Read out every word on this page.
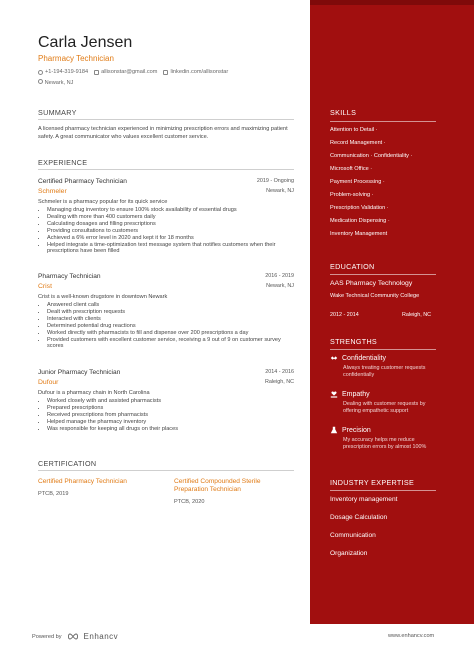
Carla Jensen
Pharmacy Technician
+1-194-319-9184 allisonstar@gmail.com linkedin.com/allisonstar
Newark, NJ
SUMMARY
A licensed pharmacy technician experienced in minimizing prescription errors and maximizing patient safety. A great communicator who values excellent customer service.
EXPERIENCE
Certified Pharmacy Technician	2019 - Ongoing
Schmeler	Newark, NJ
Schmeler is a pharmacy popular for its quick service
• Managing drug inventory to ensure 100% stock availability of essential drugs
• Dealing with more than 400 customers daily
• Calculating dosages and filling prescriptions
• Providing consultations to customers
• Achieved a 6% error level in 2020 and kept it for 18 months
• Helped integrate a time-optimization text message system that notifies customers when their prescriptions have been filled
Pharmacy Technician	2016 - 2019
Crist	Newark, NJ
Crist is a well-known drugstore in downtown Newark
• Answered client calls
• Dealt with prescription requests
• Interacted with clients
• Determined potential drug reactions
• Worked directly with pharmacists to fill and dispense over 200 prescriptions a day
• Provided customers with excellent customer service, receiving a 9 out of 9 on customer survey scores
Junior Pharmacy Technician	2014 - 2016
Dufour	Raleigh, NC
Dufour is a pharmacy chain in North Carolina
• Worked closely with and assisted pharmacists
• Prepared prescriptions
• Received prescriptions from pharmacists
• Helped manage the pharmacy inventory
• Was responsible for keeping all drugs on their places
CERTIFICATION
Certified Pharmacy Technician
PTCB, 2019
Certified Compounded Sterile Preparation Technician
PTCB, 2020
SKILLS
Attention to Detail ·
Record Management ·
Communication · Confidentiality ·
Microsoft Office ·
Payment Processing ·
Problem-solving ·
Prescription Validation ·
Medication Dispensing ·
Inventory Management
EDUCATION
AAS Pharmacy Technology
Wake Technical Community College
2012 - 2014	Raleigh, NC
STRENGTHS
Confidentiality
Always treating customer requests confidentially
Empathy
Dealing with customer requests by offering empathetic support
Precision
My accuracy helps me reduce prescription errors by almost 100%
INDUSTRY EXPERTISE
Inventory management
Dosage Calculation
Communication
Organization
Powered by	Enhancv	www.enhancv.com
